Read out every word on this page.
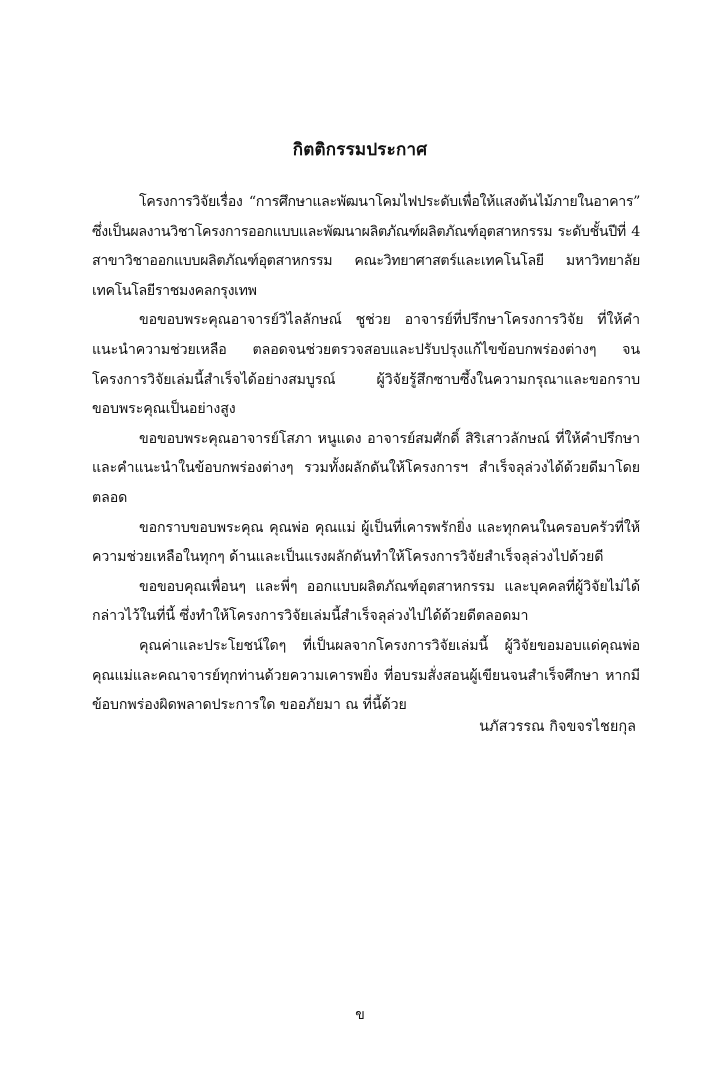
กิตติกรรมประกาศ

โครงการวิจัยเรื่อง “การศึกษาและพัฒนาโคมไฟประดับเพื่อให้แสงต้นไม้ภายในอาคาร” ซึ่งเป็นผลงานวิชาโครงการออกแบบและพัฒนาผลิตภัณฑ์ผลิตภัณฑ์อุตสาหกรรม ระดับชั้นปีที่ 4 สาขาวิชาออกแบบผลิตภัณฑ์อุตสาหกรรม คณะวิทยาศาสตร์และเทคโนโลยี มหาวิทยาลัยเทคโนโลยีราชมงคลกรุงเทพ

ขอขอบพระคุณอาจารย์วิไลลักษณ์ ชูช่วย อาจารย์ที่ปรึกษาโครงการวิจัย ที่ให้คำแนะนำความช่วยเหลือ ตลอดจนช่วยตรวจสอบและปรับปรุงแก้ไขข้อบกพร่องต่างๆ จนโครงการวิจัยเล่มนี้สำเร็จได้อย่างสมบูรณ์ ผู้วิจัยรู้สึกซาบซึ้งในความกรุณาและขอกราบขอบพระคุณเป็นอย่างสูง

ขอขอบพระคุณอาจารย์โสภา หนูแดง อาจารย์สมศักดิ์ สิริเสาวลักษณ์ ที่ให้คำปรึกษาและคำแนะนำในข้อบกพร่องต่างๆ รวมทั้งผลักดันให้โครงการฯ สำเร็จลุล่วงได้ด้วยดีมาโดยตลอด

ขอกราบขอบพระคุณ คุณพ่อ คุณแม่ ผู้เป็นที่เคารพรักยิ่ง และทุกคนในครอบครัวที่ให้ความช่วยเหลือในทุกๆ ด้านและเป็นแรงผลักดันทำให้โครงการวิจัยสำเร็จลุล่วงไปด้วยดี

ขอขอบคุณเพื่อนๆ และพี่ๆ ออกแบบผลิตภัณฑ์อุตสาหกรรม และบุคคลที่ผู้วิจัยไม่ได้กล่าวไว้ในที่นี้ ซึ่งทำให้โครงการวิจัยเล่มนี้สำเร็จลุล่วงไปได้ด้วยดีตลอดมา

คุณค่าและประโยชน์ใดๆ ที่เป็นผลจากโครงการวิจัยเล่มนี้ ผู้วิจัยขอมอบแด่คุณพ่อ คุณแม่และคณาจารย์ทุกท่านด้วยความเคารพยิ่ง ที่อบรมสั่งสอนผู้เขียนจนสำเร็จศึกษา หากมีข้อบกพร่องผิดพลาดประการใด ขออภัยมา ณ ที่นี้ด้วย

นภัสวรรณ กิจขจรไชยกุล
ข
